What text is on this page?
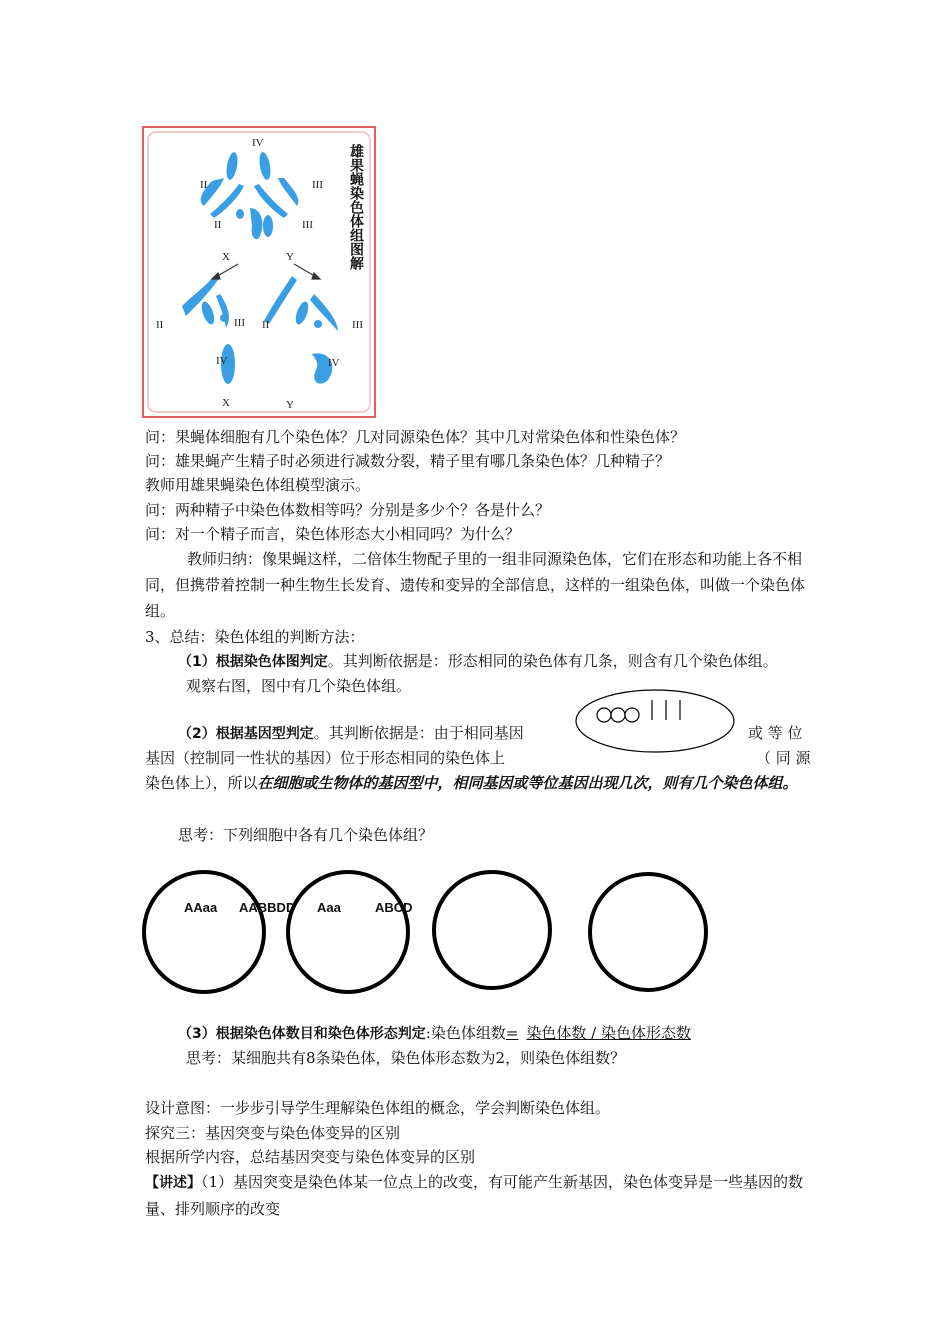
IV
II	III
II	III
X	Y
II	III II	III
IV	IV
X	Y
雄果蝇染色体组图解
问：果蝇体细胞有几个染色体？几对同源染色体？其中几对常染色体和性染色体？
问：雄果蝇产生精子时必须进行减数分裂，精子里有哪几条染色体？几种精子？
教师用雄果蝇染色体组模型演示。
问：两种精子中染色体数相等吗？分别是多少个？各是什么？
问：对一个精子而言，染色体形态大小相同吗？为什么？
教师归纳：像果蝇这样，二倍体生物配子里的一组非同源染色体，它们在形态和功能上各不相同，但携带着控制一种生物生长发育、遗传和变异的全部信息，这样的一组染色体，叫做一个染色体组。
3、总结：染色体组的判断方法：
（1）根据染色体图判定。其判断依据是：形态相同的染色体有几条，则含有几个染色体组。
观察右图，图中有几个染色体组。
（2）根据基因型判定。其判断依据是：由于相同基因	或 等 位
基因（控制同一性状的基因）位于形态相同的染色体上	（ 同 源
染色体上），所以在细胞或生物体的基因型中，相同基因或等位基因出现几次，则有几个染色体组。
思考：下列细胞中各有几个染色体组？
AAaa AABBDD Aaa	ABCD
（3）根据染色体数目和染色体形态判定:染色体组数= 染色体数 / 染色体形态数
思考：某细胞共有8条染色体，染色体形态数为2，则染色体组数？
设计意图：一步步引导学生理解染色体组的概念，学会判断染色体组。
探究三：基因突变与染色体变异的区别
根据所学内容，总结基因突变与染色体变异的区别
【讲述】（1）基因突变是染色体某一位点上的改变，有可能产生新基因，染色体变异是一些基因的数量、排列顺序的改变
